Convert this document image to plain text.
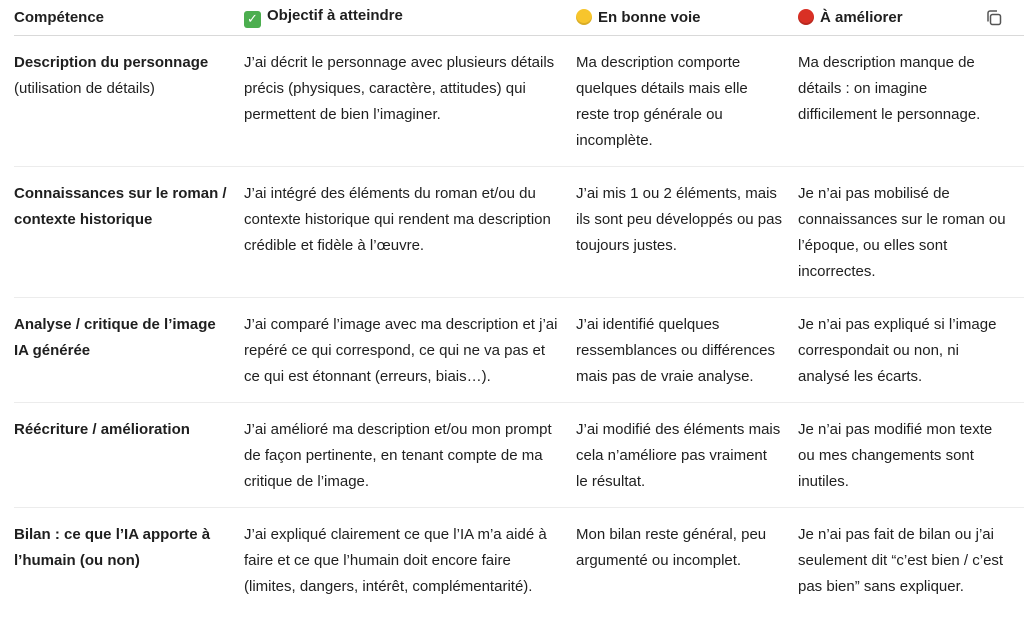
Compétence	✓ Objectif à atteindre	En bonne voie	À améliorer
Description du personnage (utilisation de détails)	J’ai décrit le personnage avec plusieurs détails précis (physiques, caractère, attitudes) qui permettent de bien l’imaginer.	Ma description comporte quelques détails mais elle reste trop générale ou incomplète.	Ma description manque de détails : on imagine difficilement le personnage.
Connaissances sur le roman / contexte historique	J’ai intégré des éléments du roman et/ou du contexte historique qui rendent ma description crédible et fidèle à l’œuvre.	J’ai mis 1 ou 2 éléments, mais ils sont peu développés ou pas toujours justes.	Je n’ai pas mobilisé de connaissances sur le roman ou l’époque, ou elles sont incorrectes.
Analyse / critique de l’image IA générée	J’ai comparé l’image avec ma description et j’ai repéré ce qui correspond, ce qui ne va pas et ce qui est étonnant (erreurs, biais…).	J’ai identifié quelques ressemblances ou différences mais pas de vraie analyse.	Je n’ai pas expliqué si l’image correspondait ou non, ni analysé les écarts.
Réécriture / amélioration	J’ai amélioré ma description et/ou mon prompt de façon pertinente, en tenant compte de ma critique de l’image.	J’ai modifié des éléments mais cela n’améliore pas vraiment le résultat.	Je n’ai pas modifié mon texte ou mes changements sont inutiles.
Bilan : ce que l’IA apporte à l’humain (ou non)	J’ai expliqué clairement ce que l’IA m’a aidé à faire et ce que l’humain doit encore faire (limites, dangers, intérêt, complémentarité).	Mon bilan reste général, peu argumenté ou incomplet.	Je n’ai pas fait de bilan ou j’ai seulement dit “c’est bien / c’est pas bien” sans expliquer.
